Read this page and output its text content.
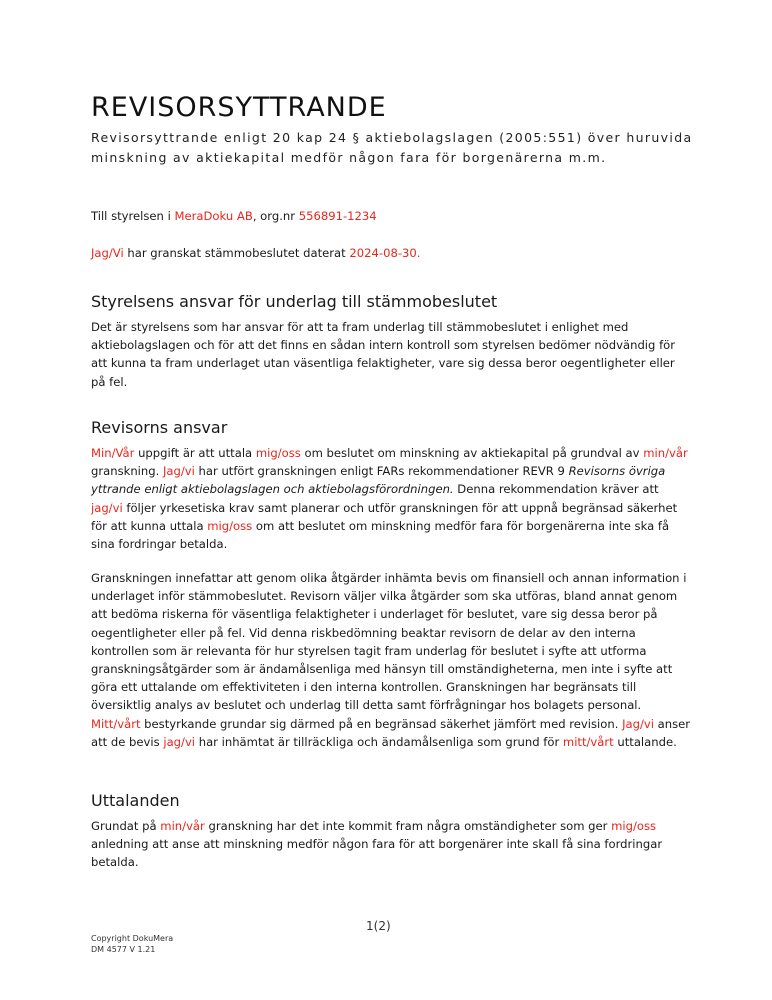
REVISORSYTTRANDE

Revisorsyttrande enligt 20 kap 24 § aktiebolagslagen (2005:551) över huruvida minskning av aktiekapital medför någon fara för borgenärerna m.m.

Till styrelsen i MeraDoku AB, org.nr 556891-1234

Jag/Vi har granskat stämmobeslutet daterat 2024-08-30.

Styrelsens ansvar för underlag till stämmobeslutet

Det är styrelsens som har ansvar för att ta fram underlag till stämmobeslutet i enlighet med aktiebolagslagen och för att det finns en sådan intern kontroll som styrelsen bedömer nödvändig för att kunna ta fram underlaget utan väsentliga felaktigheter, vare sig dessa beror oegentligheter eller på fel.

Revisorns ansvar

Min/Vår uppgift är att uttala mig/oss om beslutet om minskning av aktiekapital på grundval av min/vår granskning. Jag/vi har utfört granskningen enligt FARs rekommendationer REVR 9 Revisorns övriga yttrande enligt aktiebolagslagen och aktiebolagsförordningen. Denna rekommendation kräver att jag/vi följer yrkesetiska krav samt planerar och utför granskningen för att uppnå begränsad säkerhet för att kunna uttala mig/oss om att beslutet om minskning medför fara för borgenärerna inte ska få sina fordringar betalda.

Granskningen innefattar att genom olika åtgärder inhämta bevis om finansiell och annan information i underlaget inför stämmobeslutet. Revisorn väljer vilka åtgärder som ska utföras, bland annat genom att bedöma riskerna för väsentliga felaktigheter i underlaget för beslutet, vare sig dessa beror på oegentligheter eller på fel. Vid denna riskbedömning beaktar revisorn de delar av den interna kontrollen som är relevanta för hur styrelsen tagit fram underlag för beslutet i syfte att utforma granskningsåtgärder som är ändamålsenliga med hänsyn till omständigheterna, men inte i syfte att göra ett uttalande om effektiviteten i den interna kontrollen. Granskningen har begränsats till översiktlig analys av beslutet och underlag till detta samt förfrågningar hos bolagets personal. Mitt/vårt bestyrkande grundar sig därmed på en begränsad säkerhet jämfört med revision. Jag/vi anser att de bevis jag/vi har inhämtat är tillräckliga och ändamålsenliga som grund för mitt/vårt uttalande.

Uttalanden

Grundat på min/vår granskning har det inte kommit fram några omständigheter som ger mig/oss anledning att anse att minskning medför någon fara för att borgenärer inte skall få sina fordringar betalda.

1(2)
Copyright DokuMera
DM 4577 V 1.21
